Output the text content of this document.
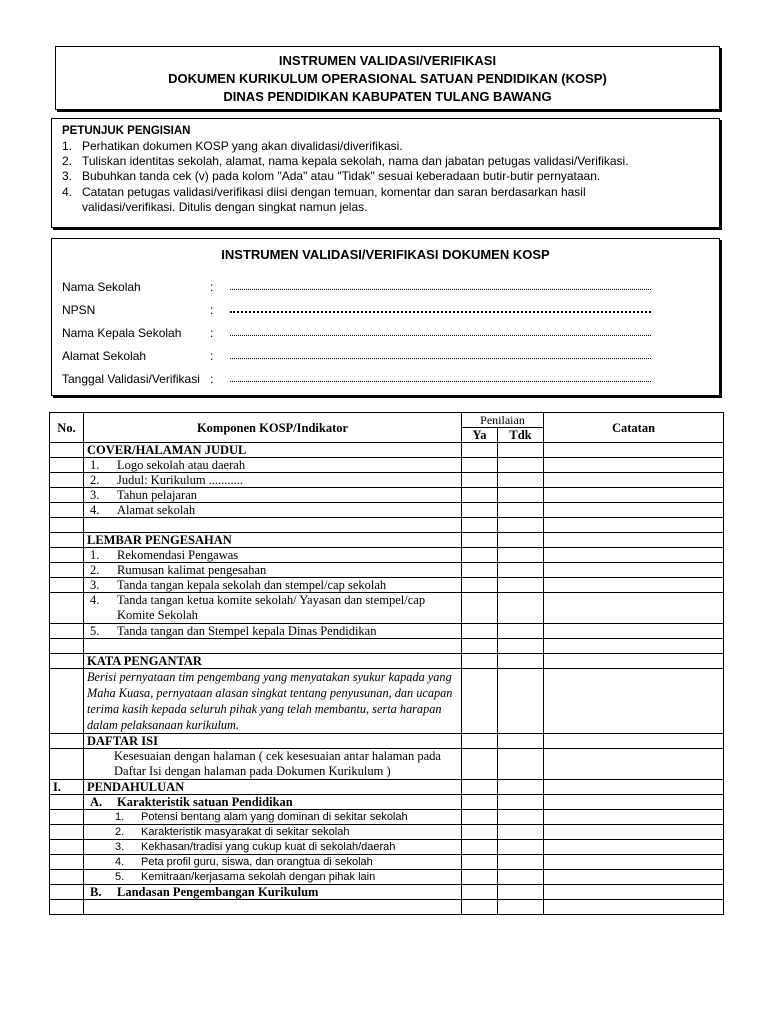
INSTRUMEN VALIDASI/VERIFIKASI
DOKUMEN KURIKULUM OPERASIONAL SATUAN PENDIDIKAN (KOSP)
DINAS PENDIDIKAN KABUPATEN TULANG BAWANG
PETUNJUK PENGISIAN
1. Perhatikan dokumen KOSP yang akan divalidasi/diverifikasi.
2. Tuliskan identitas sekolah, alamat, nama kepala sekolah, nama dan jabatan petugas validasi/Verifikasi.
3. Bubuhkan tanda cek (v) pada kolom "Ada" atau "Tidak" sesuai keberadaan butir-butir pernyataan.
4. Catatan petugas validasi/verifikasi diisi dengan temuan, komentar dan saran berdasarkan hasil
validasi/verifikasi. Ditulis dengan singkat namun jelas.
INSTRUMEN VALIDASI/VERIFIKASI DOKUMEN KOSP
Nama Sekolah	:
NPSN	:
Nama Kepala Sekolah :
Alamat Sekolah	:
Tanggal Validasi/Verifikasi :
No.	Komponen KOSP/Indikator	Penilaian		Catatan
		Ya	Tdk	
	COVER/HALAMAN JUDUL			

	1. Logo sekolah atau daerah			

	2. Judul: Kurikulum ...........			

	3. Tahun pelajaran			

	4. Alamat sekolah			

	LEMBAR PENGESAHAN			

	1. Rekomendasi Pengawas			

	2. Rumusan kalimat pengesahan			

	3. Tanda tangan kepala sekolah dan stempel/cap sekolah			

	4. Tanda tangan ketua komite sekolah/ Yayasan dan stempel/cap Komite Sekolah			

	5. Tanda tangan dan Stempel kepala Dinas Pendidikan			

	KATA PENGANTAR			
	Berisi pernyataan tim pengembang yang menyatakan syukur kapada yang Maha Kuasa, pernyataan alasan singkat tentang penyusunan, dan ucapan terima kasih kepada seluruh pihak yang telah membantu, serta harapan dalam pelaksanaan kurikulum.			
	DAFTAR ISI			
	Kesesuaian dengan halaman ( cek kesesuaian antar halaman pada Daftar Isi dengan halaman pada Dokumen Kurikulum )			
I.	PENDAHULUAN			

	A. Karakteristik satuan Pendidikan			

	1. Potensi bentang alam yang dominan di sekitar sekolah			

	2. Karakteristik masyarakat di sekitar sekolah			

	3. Kekhasan/tradisi yang cukup kuat di sekolah/daerah			

	4. Peta profil guru, siswa, dan orangtua di sekolah			

	5. Kemitraan/kerjasama sekolah dengan pihak lain			

	B. Landasan Pengembangan Kurikulum			
